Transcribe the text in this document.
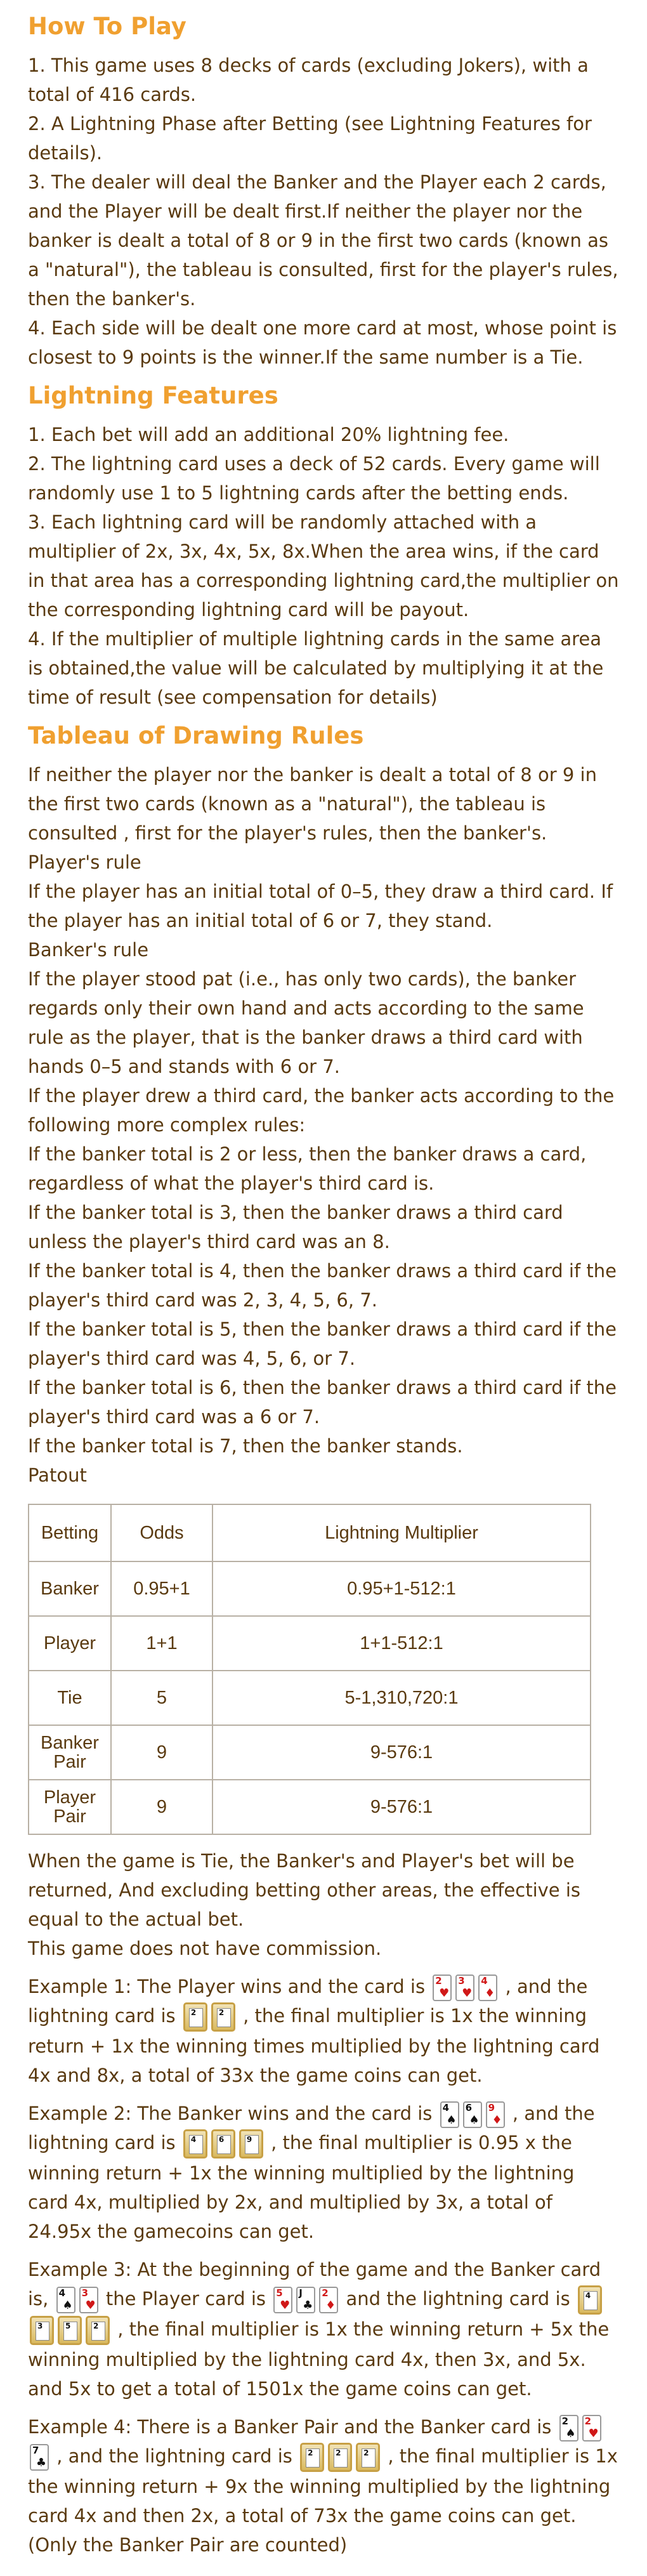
How To Play

1. This game uses 8 decks of cards (excluding Jokers), with a total of 416 cards.

2. A Lightning Phase after Betting (see Lightning Features for details).

3. The dealer will deal the Banker and the Player each 2 cards, and the Player will be dealt first.If neither the player nor the banker is dealt a total of 8 or 9 in the first two cards (known as a "natural"), the tableau is consulted, first for the player's rules, then the banker's.

4. Each side will be dealt one more card at most, whose point is closest to 9 points is the winner.If the same number is a Tie.

Lightning Features

1. Each bet will add an additional 20% lightning fee.

2. The lightning card uses a deck of 52 cards. Every game will randomly use 1 to 5 lightning cards after the betting ends.

3. Each lightning card will be randomly attached with a multiplier of 2x, 3x, 4x, 5x, 8x.When the area wins, if the card in that area has a corresponding lightning card,the multiplier on the corresponding lightning card will be payout.

4. If the multiplier of multiple lightning cards in the same area is obtained,the value will be calculated by multiplying it at the time of result (see compensation for details)

Tableau of Drawing Rules

If neither the player nor the banker is dealt a total of 8 or 9 in the first two cards (known as a "natural"), the tableau is consulted , first for the player's rules, then the banker's.

Player's rule

If the player has an initial total of 0–5, they draw a third card. If the player has an initial total of 6 or 7, they stand.

Banker's rule

If the player stood pat (i.e., has only two cards), the banker regards only their own hand and acts according to the same rule as the player, that is the banker draws a third card with hands 0–5 and stands with 6 or 7.

If the player drew a third card, the banker acts according to the following more complex rules:

If the banker total is 2 or less, then the banker draws a card, regardless of what the player's third card is.

If the banker total is 3, then the banker draws a third card unless the player's third card was an 8.

If the banker total is 4, then the banker draws a third card if the player's third card was 2, 3, 4, 5, 6, 7.

If the banker total is 5, then the banker draws a third card if the player's third card was 4, 5, 6, or 7.

If the banker total is 6, then the banker draws a third card if the player's third card was a 6 or 7.

If the banker total is 7, then the banker stands.

Patout

Betting	Odds	Lightning Multiplier
Banker	0.95+1	0.95+1-512:1
Player	1+1	1+1-512:1
Tie	5	5-1,310,720:1
Banker Pair	9	9-576:1
Player Pair	9	9-576:1

When the game is Tie, the Banker's and Player's bet will be returned, And excluding betting other areas, the effective is equal to the actual bet.

This game does not have commission.

Example 1: The Player wins and the card is 2
♥
3
♥
4
♦ , and the lightning card is 2	2 , the final multiplier is 1x the winning return + 1x the winning times multiplied by the lightning card 4x and 8x, a total of 33x the game coins can get.

Example 2: The Banker wins and the card is 4
♠
6
♠
9
♦ , and the lightning card is 4	6	9 , the final multiplier is 0.95 x the winning return + 1x the winning multiplied by the lightning card 4x, multiplied by 2x, and multiplied by 3x, a total of 24.95x the gamecoins can get.

Example 3: At the beginning of the game and the Banker card is, 4
♠
3
♥ the Player card is 5
♥
J
♣
2
♦ and the lightning card is 4
3	5	2 , the final multiplier is 1x the winning return + 5x the winning multiplied by the lightning card 4x, then 3x, and 5x. and 5x to get a total of 1501x the game coins can get.

Example 4: There is a Banker Pair and the Banker card is 2
♠
2
♥
7
♣ , and the lightning card is 2	2	2 , the final multiplier is 1x the winning return + 9x the winning multiplied by the lightning card 4x and then 2x, a total of 73x the game coins can get. (Only the Banker Pair are counted)
